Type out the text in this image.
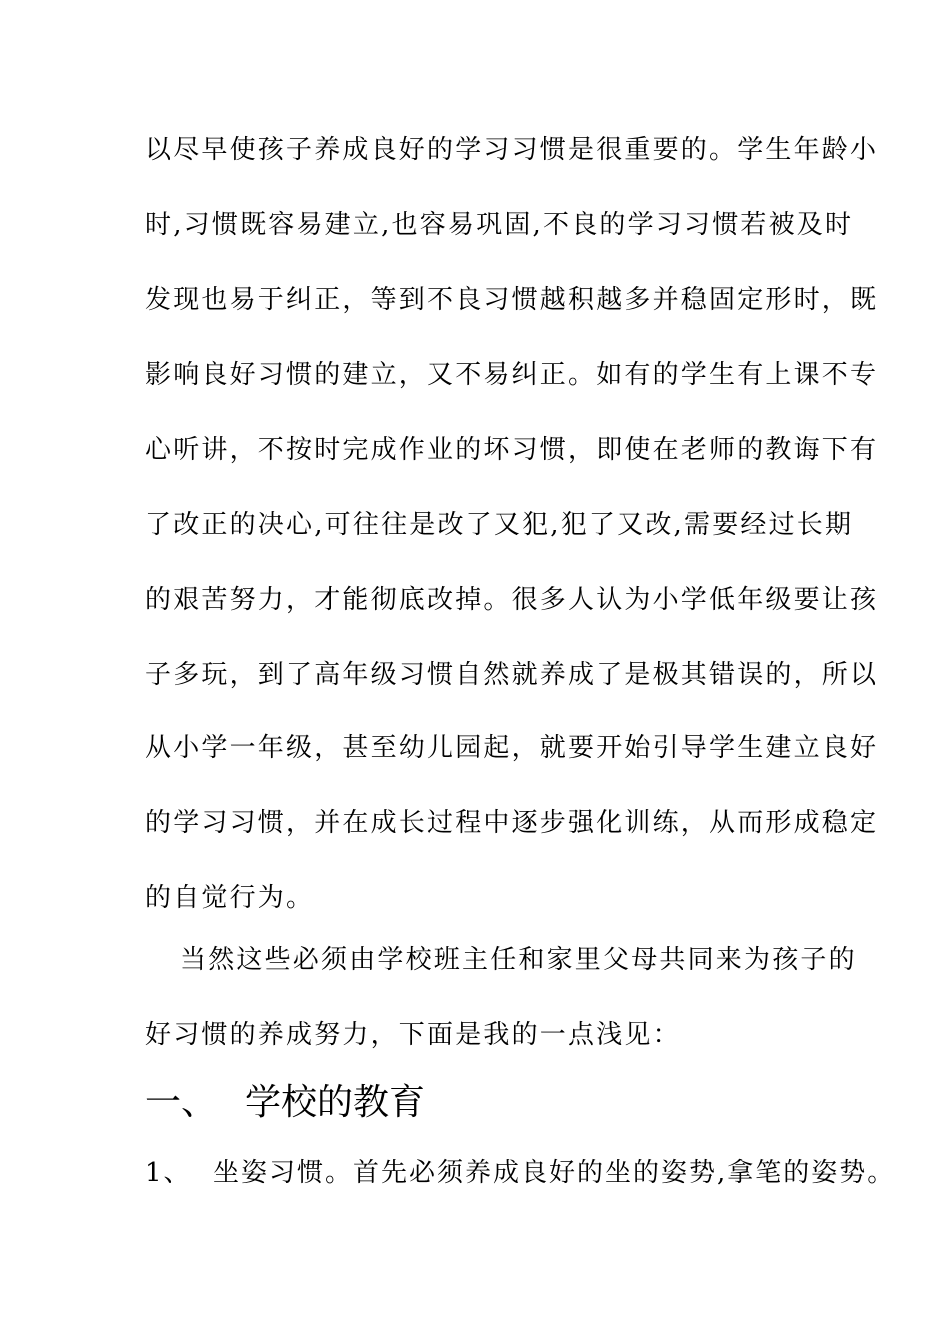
以尽早使孩子养成良好的学习习惯是很重要的。学生年龄小
时,习惯既容易建立,也容易巩固,不良的学习习惯若被及时
发现也易于纠正，等到不良习惯越积越多并稳固定形时，既
影响良好习惯的建立，又不易纠正。如有的学生有上课不专
心听讲，不按时完成作业的坏习惯，即使在老师的教诲下有
了改正的决心,可往往是改了又犯,犯了又改,需要经过长期
的艰苦努力，才能彻底改掉。很多人认为小学低年级要让孩
子多玩，到了高年级习惯自然就养成了是极其错误的，所以
从小学一年级，甚至幼儿园起，就要开始引导学生建立良好
的学习习惯，并在成长过程中逐步强化训练，从而形成稳定
的自觉行为。
当然这些必须由学校班主任和家里父母共同来为孩子的
好习惯的养成努力，下面是我的一点浅见：
一、 学校的教育
1、 坐姿习惯。首先必须养成良好的坐的姿势,拿笔的姿势。
